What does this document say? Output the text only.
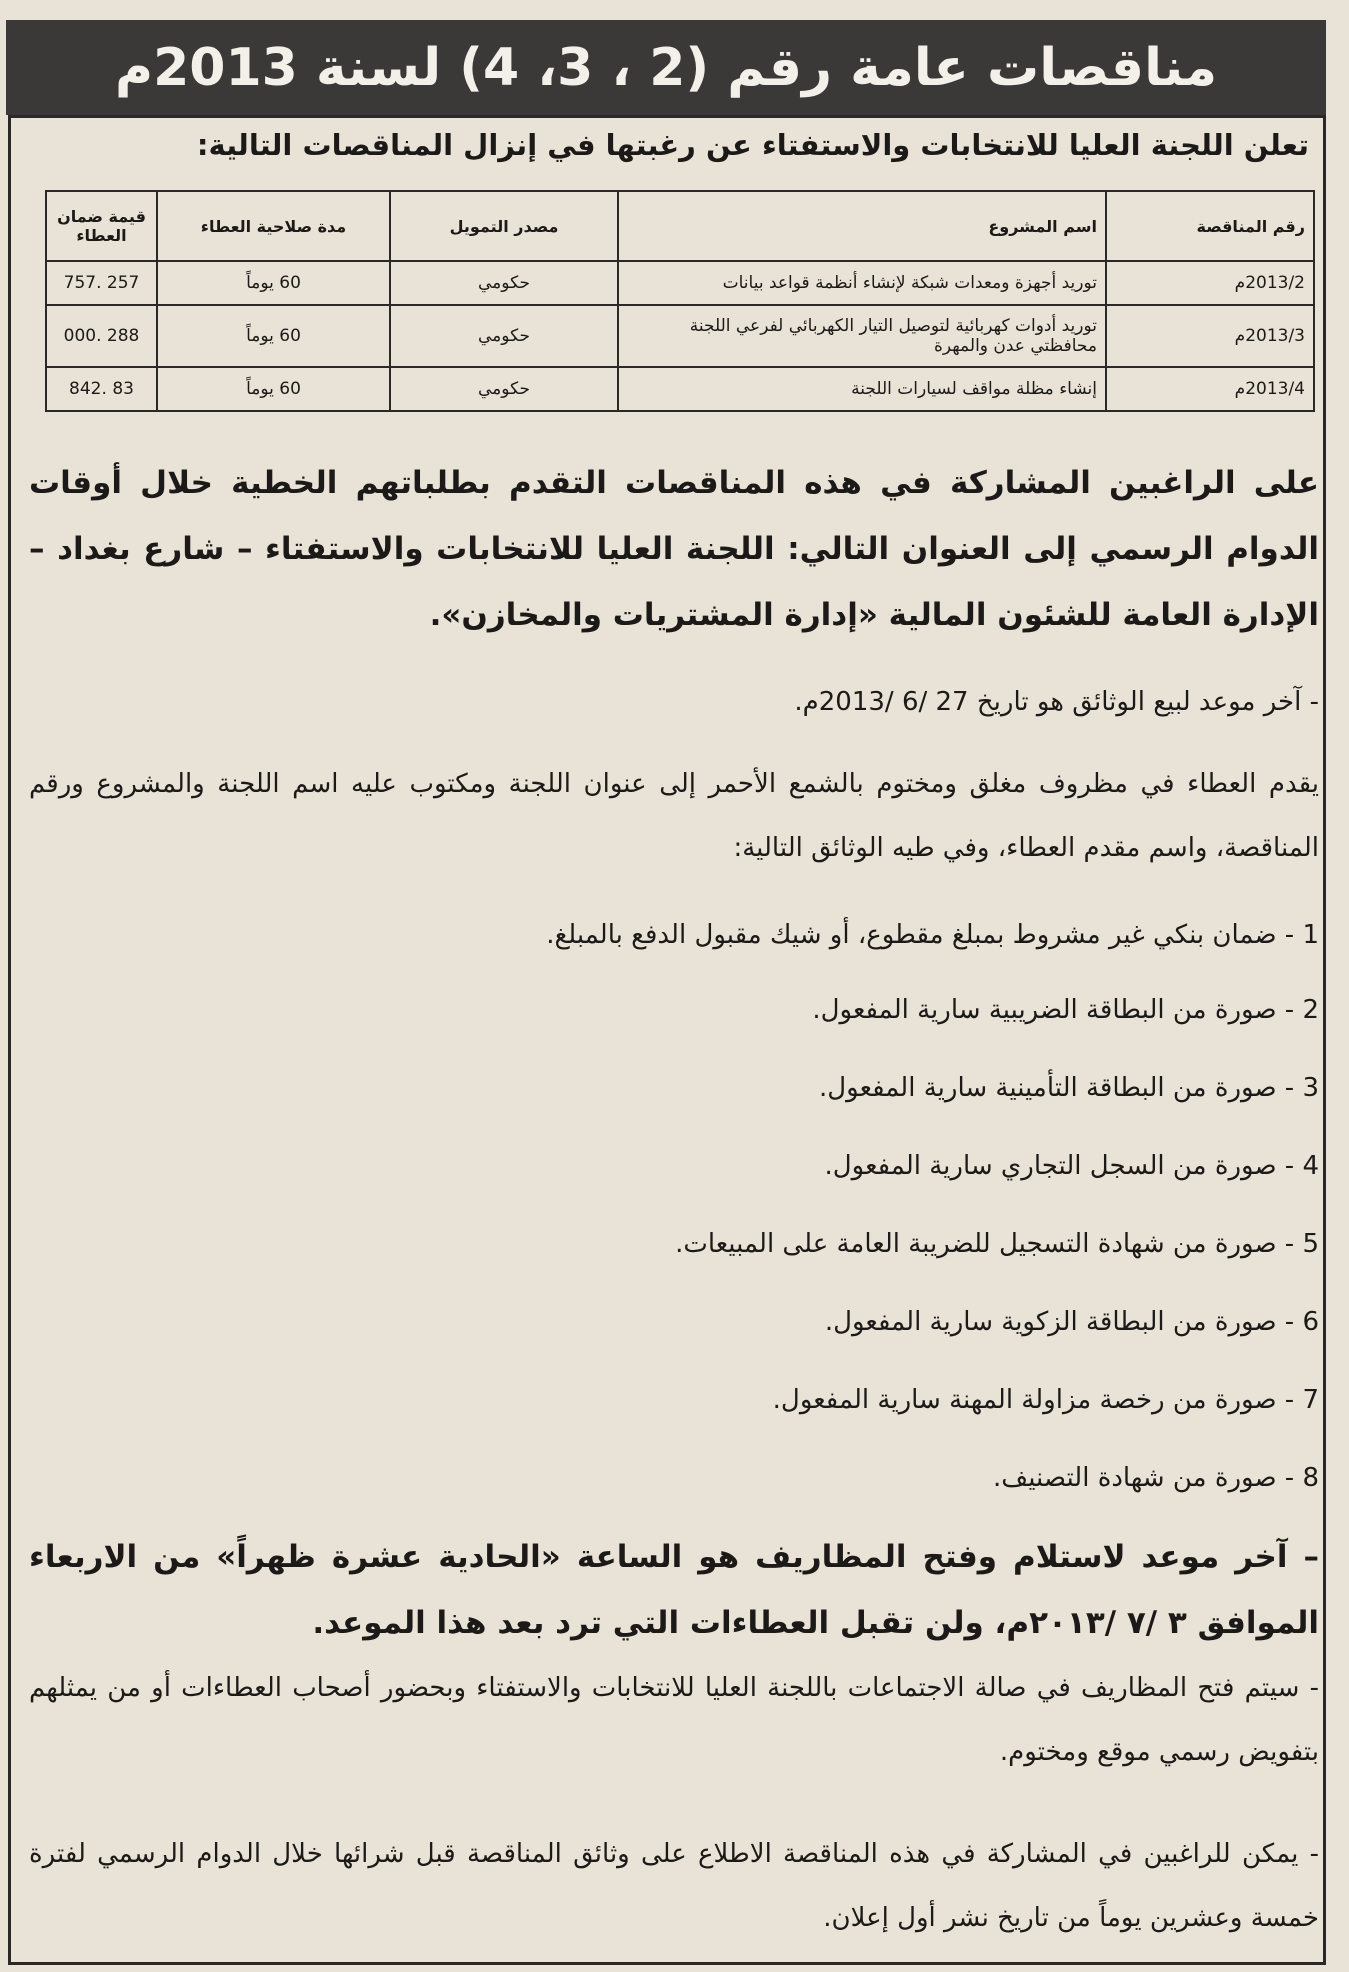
مناقصات عامة رقم (2 ، 3، 4) لسنة 2013م
تعلن اللجنة العليا للانتخابات والاستفتاء عن رغبتها في إنزال المناقصات التالية:
رقم المناقصة	اسم المشروع	مصدر التمويل	مدة صلاحية العطاء	قيمة ضمان العطاء
2013/2م	توريد أجهزة ومعدات شبكة لإنشاء أنظمة قواعد بيانات	حكومي	60 يوماً	257 .757
2013/3م	توريد أدوات كهربائية لتوصيل التيار الكهربائي لفرعي اللجنة محافظتي عدن والمهرة	حكومي	60 يوماً	288 .000
2013/4م	إنشاء مظلة مواقف لسيارات اللجنة	حكومي	60 يوماً	83 .842
على الراغبين المشاركة في هذه المناقصات التقدم بطلباتهم الخطية خلال أوقات الدوام الرسمي إلى العنوان التالي: اللجنة العليا للانتخابات والاستفتاء – شارع بغداد – الإدارة العامة للشئون المالية «إدارة المشتريات والمخازن».
- آخر موعد لبيع الوثائق هو تاريخ 27 /6 /2013م.
يقدم العطاء في مظروف مغلق ومختوم بالشمع الأحمر إلى عنوان اللجنة ومكتوب عليه اسم اللجنة والمشروع ورقم المناقصة، واسم مقدم العطاء، وفي طيه الوثائق التالية:
1 - ضمان بنكي غير مشروط بمبلغ مقطوع، أو شيك مقبول الدفع بالمبلغ.
2 - صورة من البطاقة الضريبية سارية المفعول.
3 - صورة من البطاقة التأمينية سارية المفعول.
4 - صورة من السجل التجاري سارية المفعول.
5 - صورة من شهادة التسجيل للضريبة العامة على المبيعات.
6 - صورة من البطاقة الزكوية سارية المفعول.
7 - صورة من رخصة مزاولة المهنة سارية المفعول.
8 - صورة من شهادة التصنيف.
– آخر موعد لاستلام وفتح المظاريف هو الساعة «الحادية عشرة ظهراً» من الاربعاء الموافق ٣ /٧ /٢٠١٣م، ولن تقبل العطاءات التي ترد بعد هذا الموعد.
- سيتم فتح المظاريف في صالة الاجتماعات باللجنة العليا للانتخابات والاستفتاء وبحضور أصحاب العطاءات أو من يمثلهم بتفويض رسمي موقع ومختوم.
- يمكن للراغبين في المشاركة في هذه المناقصة الاطلاع على وثائق المناقصة قبل شرائها خلال الدوام الرسمي لفترة خمسة وعشرين يوماً من تاريخ نشر أول إعلان.
